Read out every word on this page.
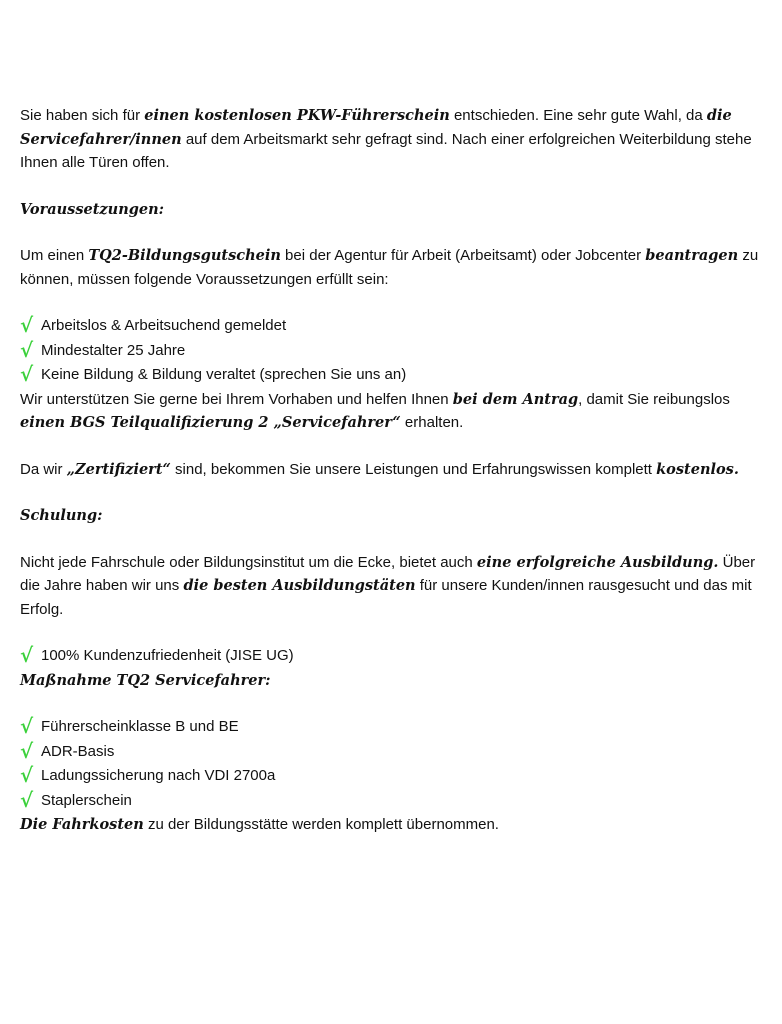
Sie haben sich für einen kostenlosen PKW-Führerschein entschieden. Eine sehr gute Wahl, da die Servicefahrer/innen auf dem Arbeitsmarkt sehr gefragt sind. Nach einer erfolgreichen Weiterbildung stehe Ihnen alle Türen offen.

Voraussetzungen:

Um einen TQ2-Bildungsgutschein bei der Agentur für Arbeit (Arbeitsamt) oder Jobcenter beantragen zu können, müssen folgende Voraussetzungen erfüllt sein:

√ Arbeitslos & Arbeitsuchend gemeldet
√ Mindestalter 25 Jahre
√ Keine Bildung & Bildung veraltet (sprechen Sie uns an)

Wir unterstützen Sie gerne bei Ihrem Vorhaben und helfen Ihnen bei dem Antrag, damit Sie reibungslos einen BGS Teilqualifizierung 2 „Servicefahrer“ erhalten.

Da wir „Zertifiziert“ sind, bekommen Sie unsere Leistungen und Erfahrungswissen komplett kostenlos.

Schulung:

Nicht jede Fahrschule oder Bildungsinstitut um die Ecke, bietet auch eine erfolgreiche Ausbildung. Über die Jahre haben wir uns die besten Ausbildungstäten für unsere Kunden/innen rausgesucht und das mit Erfolg.

√ 100% Kundenzufriedenheit (JISE UG)

Maßnahme TQ2 Servicefahrer:

√ Führerscheinklasse B und BE
√ ADR-Basis
√ Ladungssicherung nach VDI 2700a
√ Staplerschein

Die Fahrkosten zu der Bildungsstätte werden komplett übernommen.
